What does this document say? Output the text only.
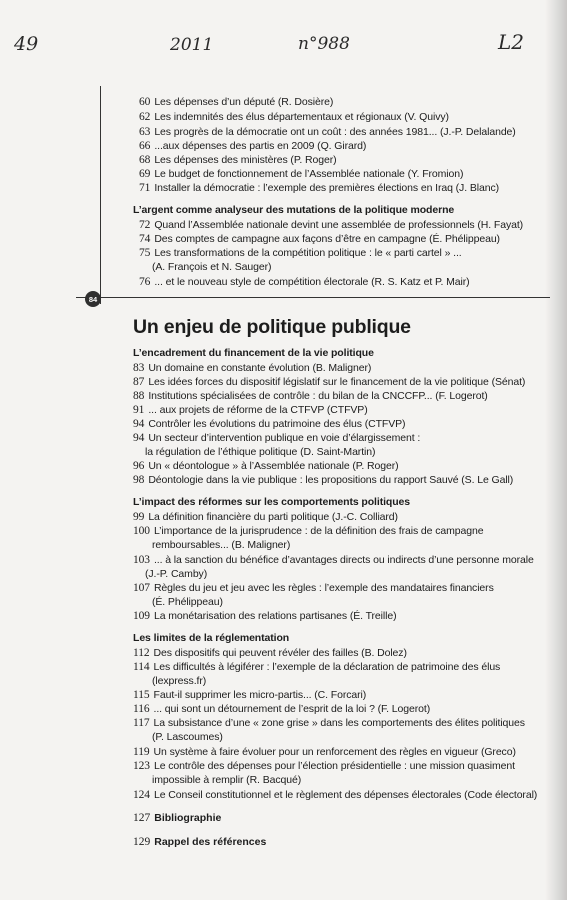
49	2011	n°988	L2
84
60 Les dépenses d’un député (R. Dosière)
62 Les indemnités des élus départementaux et régionaux (V. Quivy)
63 Les progrès de la démocratie ont un coût : des années 1981... (J.-P. Delalande)
66 ...aux dépenses des partis en 2009 (Q. Girard)
68 Les dépenses des ministères (P. Roger)
69 Le budget de fonctionnement de l’Assemblée nationale (Y. Fromion)
71 Installer la démocratie : l’exemple des premières élections en Iraq (J. Blanc)
L’argent comme analyseur des mutations de la politique moderne
72 Quand l’Assemblée nationale devint une assemblée de professionnels (H. Fayat)
74 Des comptes de campagne aux façons d’être en campagne (É. Phélippeau)
75 Les transformations de la compétition politique : le « parti cartel » ...
(A. François et N. Sauger)
76 ... et le nouveau style de compétition électorale (R. S. Katz et P. Mair)
Un enjeu de politique publique
L’encadrement du financement de la vie politique
83 Un domaine en constante évolution (B. Maligner)
87 Les idées forces du dispositif législatif sur le financement de la vie politique (Sénat)
88 Institutions spécialisées de contrôle : du bilan de la CNCCFP... (F. Logerot)
91 ... aux projets de réforme de la CTFVP (CTFVP)
94 Contrôler les évolutions du patrimoine des élus (CTFVP)
94 Un secteur d’intervention publique en voie d’élargissement :
la régulation de l’éthique politique (D. Saint-Martin)
96 Un « déontologue » à l’Assemblée nationale (P. Roger)
98 Déontologie dans la vie publique : les propositions du rapport Sauvé (S. Le Gall)
L’impact des réformes sur les comportements politiques
99 La définition financière du parti politique (J.-C. Colliard)
100 L’importance de la jurisprudence : de la définition des frais de campagne
remboursables... (B. Maligner)
103 ... à la sanction du bénéfice d’avantages directs ou indirects d’une personne morale
(J.-P. Camby)
107 Règles du jeu et jeu avec les règles : l’exemple des mandataires financiers
(É. Phélippeau)
109 La monétarisation des relations partisanes (É. Treille)
Les limites de la réglementation
112 Des dispositifs qui peuvent révéler des failles (B. Dolez)
114 Les difficultés à légiférer : l’exemple de la déclaration de patrimoine des élus
(lexpress.fr)
115 Faut-il supprimer les micro-partis... (C. Forcari)
116 ... qui sont un détournement de l’esprit de la loi ? (F. Logerot)
117 La subsistance d’une « zone grise » dans les comportements des élites politiques
(P. Lascoumes)
119 Un système à faire évoluer pour un renforcement des règles en vigueur (Greco)
123 Le contrôle des dépenses pour l’élection présidentielle : une mission quasiment
impossible à remplir (R. Bacqué)
124 Le Conseil constitutionnel et le règlement des dépenses électorales (Code électoral)
127 Bibliographie
129 Rappel des références
